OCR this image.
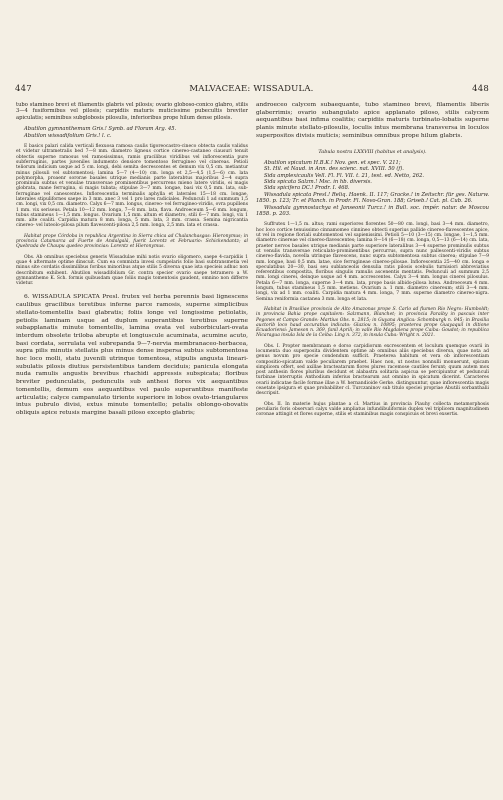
447	MALVACEAE: WISSADULA.	448

tubo stamineo brevi et filamentis glabris vel pilosis; ovario globoso-conico glabro, stilis 3—4 fusiformibus vel pilosis; carpidiis maturis muticissime pubecultis breviter apiculatis; seminibus subglobosis pilosulis, inferioribus prope hilum dense pilosis.

Abutilon gymnanthemum Gris.! Symb. ad Floram Arg. 45.

Abutilon wissadifolium Gris.! l. c.

E basics palari calida verticali flexuosa ramosa caulis tigoreocastro-cineco obtecta caulis validus et videtur ultrametralis bed 7—8 mm. diametro ligneus cortice cinereo-castaneo ciausuri tenuit obtectis superne ramosus vel ramosissimus, ramis gracilibus viridibus vel inflorescentia pure subferruginis, partes juveniles indumento densiore tomentoso ferrugineo vel cinereas. Petioli teliorum indicium usque ad 5 cm. longi, debi semita decrescentes et demum vix 0,5 cm. metiantur minus pilosuli vel subtomentosi; lamina 5—7 (4—10) cm. longa et 2,5—4,5 (1,5—6) cm. lata polymorpha, proaenr sororae basales utrique medianis parte laterabtus majoribus 2—4 supra prominula subtus et venulae transversae prominentibus percurrens mieno latere viridis, ei magis globrata, mane ferrugina, si magis tubata; stipulae 3—7 mm. longae, basi vix 0,5 mm. lata, sub-ferruginae vel canescentes. Inflorescentia terminalis aphylla et laterales 15—18 cm. longae, laterales stipulifornes saepe in 3 mm. anec 3 vel 1 pro lares radiciales. Pedunculi 1 ad summum 1,5 cm. longi, vix 0,5 cm. diametro. Calyx 6—7 mm. longus, cinereo- vel ferrugineo-viridis, ovra pupillens 1 mm. vix seriseus. Petala 10—12 mm. longa, 7—8 mm. lata, flava. Androeceum 5—6 mm. longum, tubus stamineus 1—1,5 mm. longus. Ovarium 1,5 mm. altum et diametro, stili 6—7 mm. longi, vix 1 mm. alte coaliti. Carpidia matura 8 mm. longa, 5 mm. lata, 3 mm. crassa. Semina nigricantia cinereo- vel luteolo-pilosa pilum flavescenti-pilosa 2,5 mm. longa, 2,5 mm. lata et crassa.

Habitat prope Córdoba in republica Argentina in Sierra chica ad Chalanchasgas: Hieronymus; in provincia Catamarca ad Fuerte de Andalgalá, fuerit Lorentz et Februario: Schickendantz; al Quebrada de Chaupu quedeo provincias: Lorentz et Hieronymus.

Obs. Ab omnibus speciebus generis Wissadulae mihi notis ovario oligomero, saepe 4-carpidiis 1 quae 4 aftermate optime dinscuit. Cum ea commixta invesi cumpelaris folio basi subtransmetia vel minus site cordatis dissimilibus foribus minoribus atque stilis 5 diversa quae ista specieis adhuc non describitum exhibent. Abutilon wissadifolium Gr. contra specier ovario saepe tetramero a W. gymnanthemo K. Sch. formis quibusdam quae foliis magis tomentosis gaudent, omnino non differre videtur.

6. WISSADULA SPICATA Presl. frutex vel herba perennis basi lignescens caulibus gracilibus teretibus inferne parce ramosis, superne simplicibus stellato-tomentellis basi glabratis; foliis longe vel longissime petiolatis, petiolis laminam usque ad duplum superantibus teretibus superne subapplanatis minute tomentellis, lamina ovata vel suborbiculari-ovata interdum obsolete triloba abrupte et longiuscule acuminata, acumine acuto, basi cordata, serrulata vel subrepanda 9—7-nervia membranaceo-herbacea, supra pilis minutis stellatis plus minus dense inspersa subtus subtomentosa hoc loco molli, statu juvenili utrinque tomentosa, stipulis angusta lineari-subulatis pilosis diutius persistentibus tandem deciduis; panicula elongata nuda ramulis angustis brevibus rhachidi appressis subspicata; floribus breviter pedunculatis, pedunculis sub anthesi flores vix aequantibus tomentellis, demum eos aequantibus vel paulo superantibus manifeste articulatis; calyce campanulato tiriente superiore in lobos ovato-triangulares intus pubrulo divisi, extus minute tomentello; petalis oblongo-obovatis obliquis apice retusis margine basali piloso excepto glabris;

androeceo calycem subaequante, tubo stamineo brevi, filamentis liberis glaberrimis; ovario subangulato apice applanato piloso, stilis calycem aequantibus basi infima coalitis; carpidiis maturis turbinato-lobatis superne planis minute stellato-pilosulis, loculis intus membrana transversa in loculos superpositos divisis muticis; seminibus omnibus prope hilum glabris.

Tabula nostra LXXVIII (habitus et analysis).

Abutilon spicatum H.B.K.! Nov. gen. et spec. V. 211;

St. Hil. et Naud. in Ann. des scienc. nat. XVIII. 50 (f).

Sida amplexicaulis Vell. Fl. Fl. VII. t. 21, test. ed. Netto, 262.

Sida spicata Salzm.! Msc. in hb. diversis.

Sida spicifera DC.! Prodr. I. 468.

Wissadula spicata Presl.! Reliq. Haenk. II. 117; Gracke.! in Zeitschr. für ges. Naturw. 1850. p. 123; Tr. et Planch. in Prodr. Fl. Novo-Gran. 188; Griseb.! Cat. pl. Cub. 26.

Wissadula gymnostachya et Janseonii Turcz.! in Bull. soc. impér. natur. de Moscou 1858. p. 203.

Suffrutex 1—1,5 m. altus; rami superiores florentes 50—80 cm. longi, basi 3—4 mm. diametro, hoc loco cortice tenuissimo cinnamomeo cinnineo obtecti superius pallide cinereo-flavescentes apice, ut vel in regione floriali subtomentosi vel sapienissimi. Petioli 5—10 (3—15) cm. longae, 1—1,5 mm. diametro cinereae vel cinereo-flavescentes; lamina 8—14 (6—18) cm. longa, 0,5—13 (6—14) cm. lata, praeter nervos basales utrique medianis parte superiore lateralibus 3—4 superne prominulis subtus ut venulis transversae reticulato-prominentibus percurrus, supra nunc pallescenti-viridis subtus cinereo-flavida, novella utrinque flavescens, nunc supra subtomentosa subtus cinerea; stipulae 7—9 mm. longae, basi 0,5 mm. latae, sice ferrugineae cinereo-pilosae. Inflorescentia 25—40 cm. longa e speculatibus 20—30, basi seu sublanceolis densulia ratis pilosis scebulis turnisiori abbreviatius referentibus compostita, floribus singulis ramulis ascenentis mentatis. Pedunculi ad summum 2,5 mm. longi cinerei, deinque usque ad 4 mm. accrescentes. Calyx 3—4 mm. longus cinerei pilosulus. Petala 6—7 mm. longa, superne 3—4 mm. lata, prope basis albido-pilosa lutea. Androeceum 4 mm. longum, tubus stamineus 1,5 mm. metiens. Ovarium a. 1 mm. diametro cinereum; stili 3—4 mm. longi, vix ad 1 mm. coaliti. Carpidia matura 4 mm. longa, 7 mm. superne diametro cinereo-nigra. Semina reniformia castanea 3 mm. longa et lata.

Habitat in Brasiliae provincia de Alto Amazonas prope S. Carlo ad flumen Rio Negro: Humboldt; in provincia Bahia prope capitalem: Salzmann, Blanchet; in provincia Paraiby in pascuis inter Pegones et Campo Grande: Martius Obs. n. 2815; in Guyana Anglica: Schomburgk n. 845; in Brasilia auctorib loco haud accuratius indicato: Glaziou n. 10895; praeterea prope Guayaquil in ditione Ecuadoriensi: Jameson n. 369, fanil Aprili; in valle Rio Magdalena prope Caiba: Goudot; in republica Nicaragua insula Isla de la Ceiba: Ling n. 372, in insula Cuba: Wright n. 2021.

Obs. I. Propter membranam e dorso carpidiorum excrescentem et loculum quemque ovarii in locumenta duo superposita dividentem optime ab omnibus aliis speciebus diversa, quae nota ad genus novum pro specie condendum sufficit. Praeterea habitum et vera ob inflorescentiam compositio-spicatam valde peculiarem praebet. Haec non, ut nostos nonnulli monuerunt, spicam simplicem offert, sed axillae bracteatarum flores plures racemose cautiles ferunt; quum autem mox post anthesin flores pluribus decidunt et alabastra solitaria aspicua se percipiuntur et pedunculi turbinae interruptis Anthodium inferius bractearum aut omnino in spicatum dicerint. Caracteres ovarii indicatae facile formae illae a W. hernandioide Gerke. distinguuntur, quae inflorescentia magis ceaetate ipsigura et quae probabiliter cl. Turczaninov sub titulo speciei propriae Abutili sorbanthalii descripsit.

Obs. II. In materie hujus plantae a cl. Martius in provincia Piauhy collecta metamorphosis peculiaris foris observari calyx valde ampliatus infundibuliformis duplex vel triplicem magnitudinem coronae attingit et flores superne, stilis et staminibus magis conspicuis et brevi exsertis.
